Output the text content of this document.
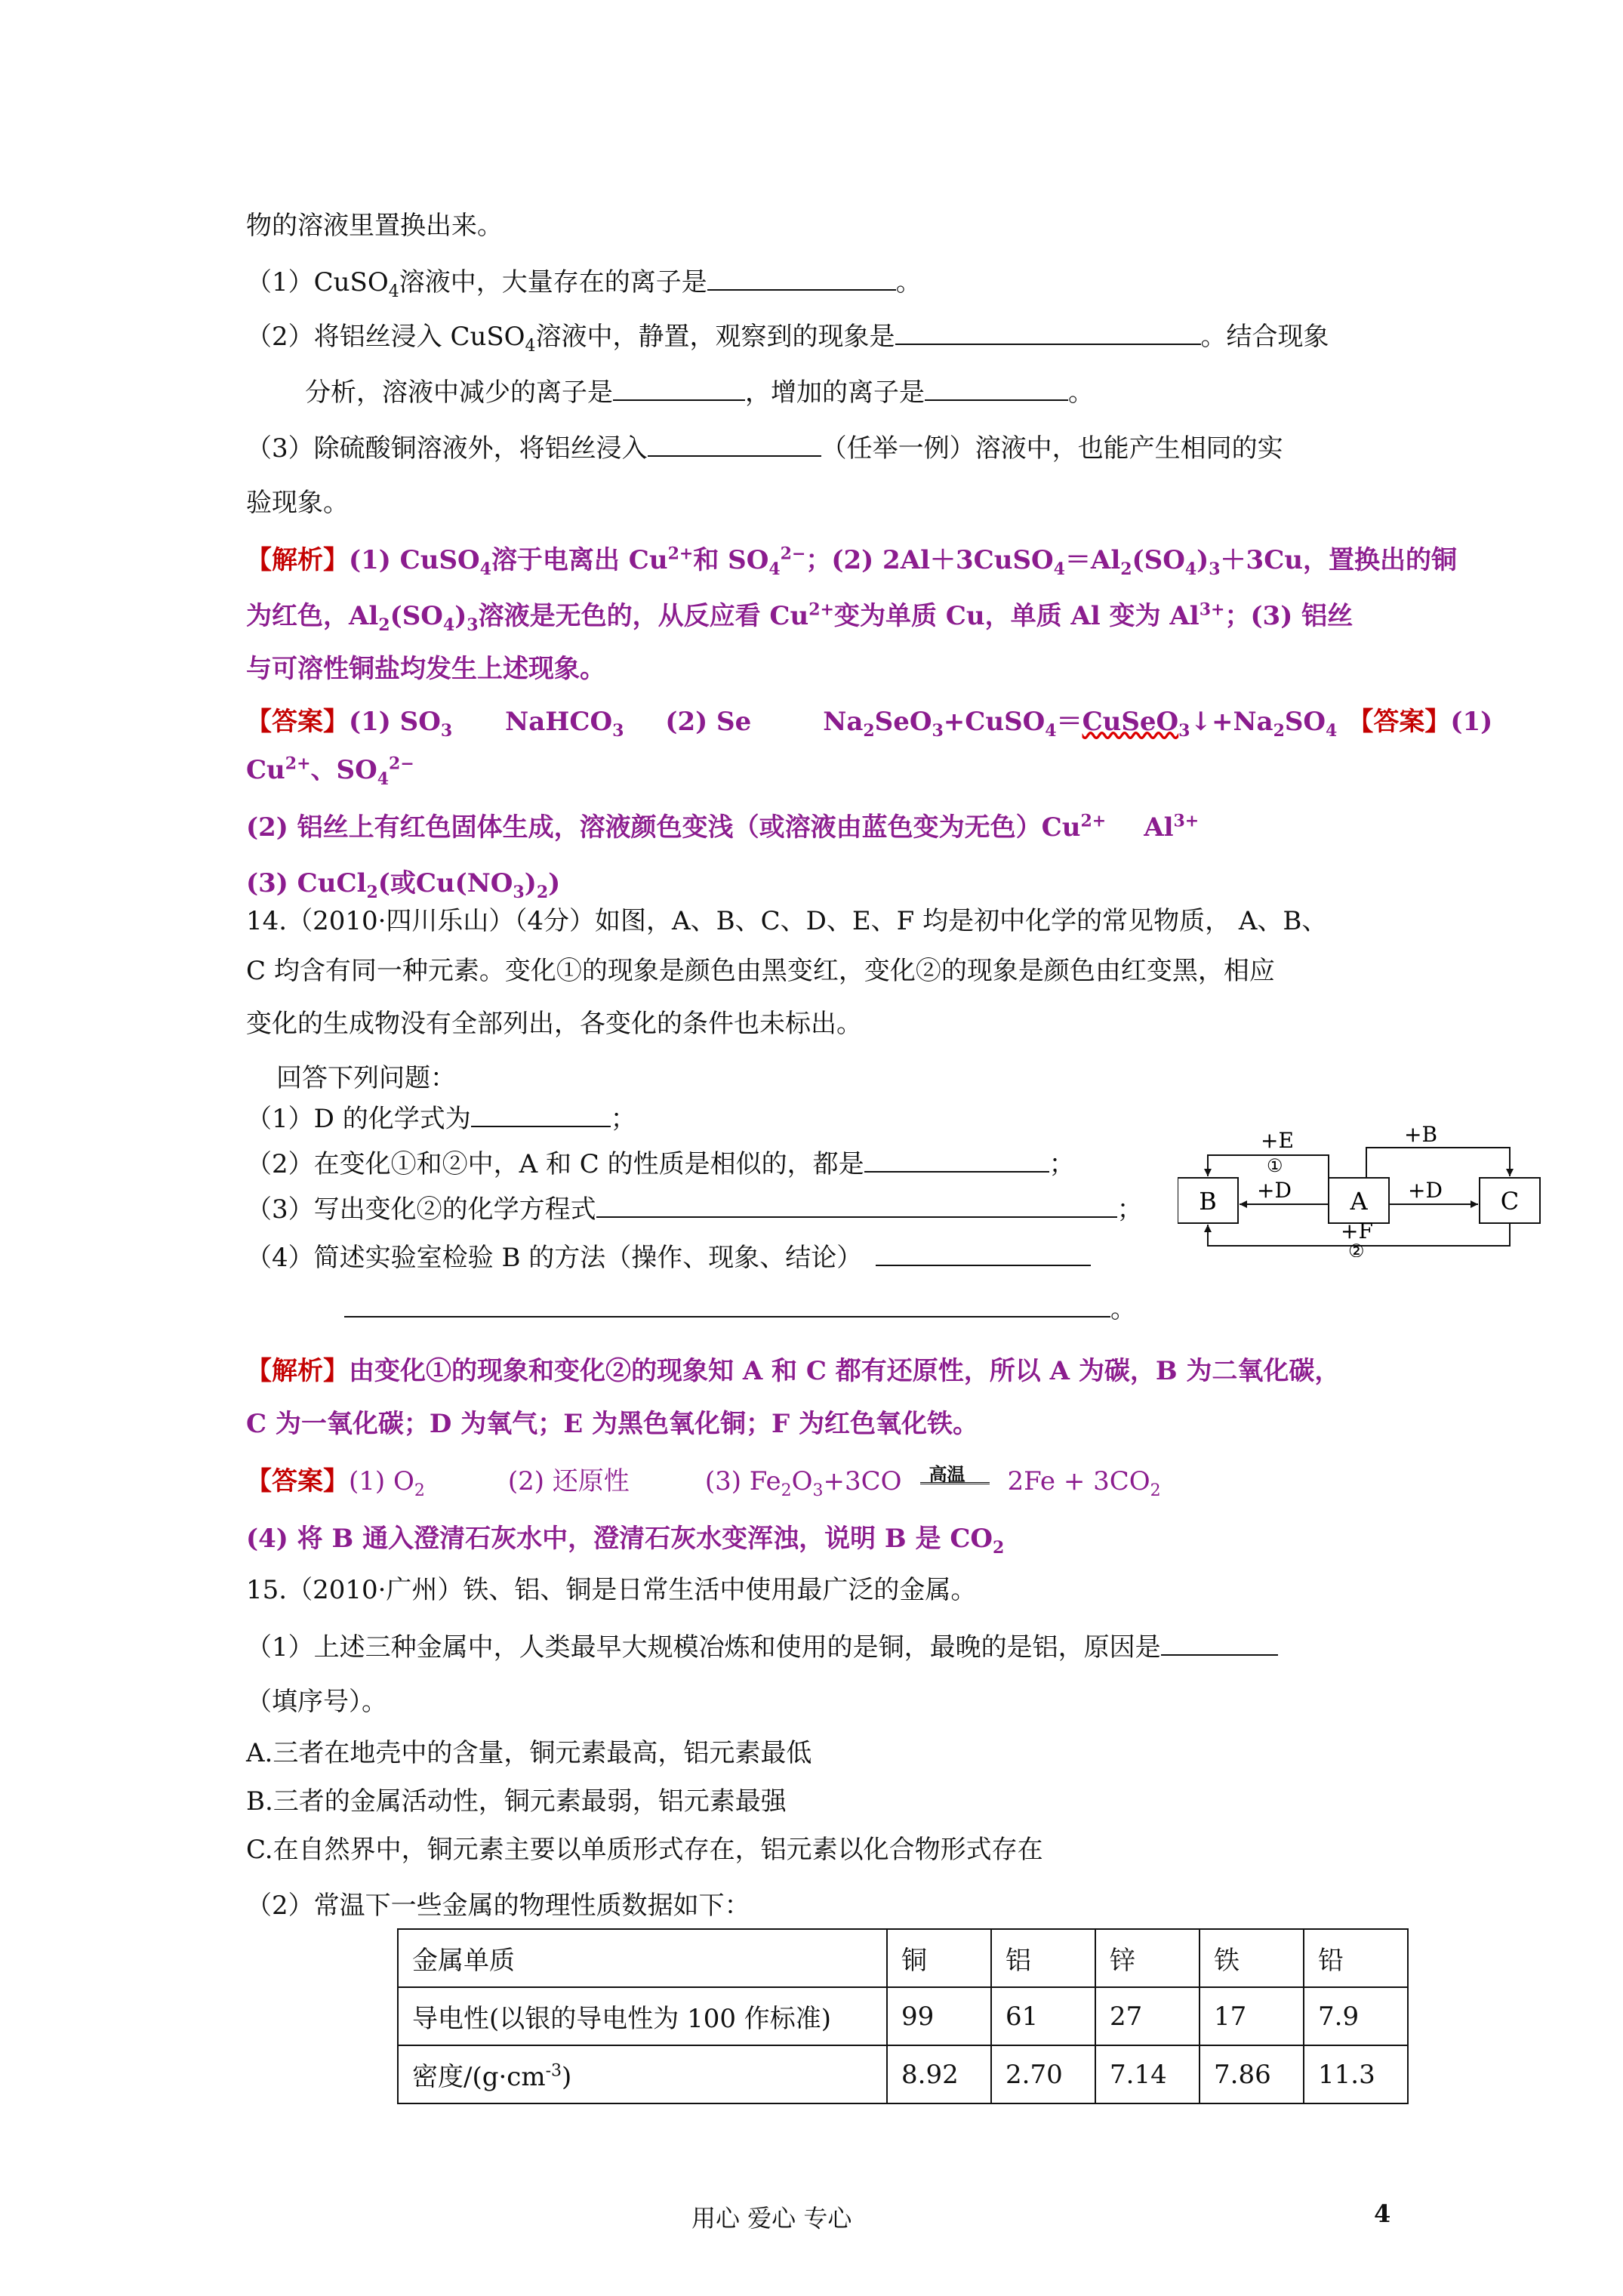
物的溶液里置换出来。
（1）CuSO$_4$溶液中，大量存在的离子是	。
（2）将铝丝浸入 CuSO$_4$溶液中，静置，观察到的现象是	。结合现象
分析，溶液中减少的离子是	，增加的离子是	。
（3）除硫酸铜溶液外，将铝丝浸入	（任举一例）溶液中，也能产生相同的实
验现象。
【解析】(1) CuSO$_4$溶于电离出 $Cu^{2+}$和 $SO_4^{2-}$；(2) $2Al+3CuSO_4=Al_2(SO_4)_3+3Cu$，置换出的铜
为红色，$Al_2(SO_4)_3$溶液是无色的，从反应看 $Cu^{2+}$变为单质 Cu，单质 Al 变为 $Al^{3+}$；(3) 铝丝
与可溶性铜盐均发生上述现象。
【答案】(1) $SO_3$ NaHCO$_3$ (2) Se	$Na_2SeO_3+CuSO_4=CuSeO_3↓+Na_2SO_4$ 【答案】(1)
$Cu^{2+}$、$SO_4^{2-}$
(2) 铝丝上有红色固体生成，溶液颜色变浅（或溶液由蓝色变为无色）$Cu^{2+}$ $Al^{3+}$
(3) CuCl$_2$(或$Cu(NO_3)_2$)
14.（2010·四川乐山）（4分）如图，A、B、C、D、E、F 均是初中化学的常见物质， A、B、
C 均含有同一种元素。变化①的现象是颜色由黑变红，变化②的现象是颜色由红变黑，相应
变化的生成物没有全部列出，各变化的条件也未标出。
回答下列问题：
（1）D 的化学式为	；
（2）在变化①和②中，A 和 C 的性质是相似的，都是	；
（3）写出变化②的化学方程式	；
（4）简述实验室检验 B 的方法（操作、现象、结论）
。
B	A	C
+E
①
+B
+D	+D
+F
②
【解析】由变化①的现象和变化②的现象知 A 和 C 都有还原性，所以 A 为碳，B 为二氧化碳，
C 为一氧化碳；D 为氧气；E 为黑色氧化铜；F 为红色氧化铁。
【答案】(1) $O_2$	(2) 还原性	(3) $Fe_2O_3+3CO$ 高温 $2Fe + 3CO_2$
(4) 将 B 通入澄清石灰水中，澄清石灰水变浑浊，说明 B 是 $CO_2$
15.（2010·广州）铁、铝、铜是日常生活中使用最广泛的金属。
（1）上述三种金属中，人类最早大规模冶炼和使用的是铜，最晚的是铝，原因是
（填序号）。
A.三者在地壳中的含量，铜元素最高，铝元素最低
B.三者的金属活动性，铜元素最弱，铝元素最强
C.在自然界中，铜元素主要以单质形式存在，铝元素以化合物形式存在
（2）常温下一些金属的物理性质数据如下：
金属单质	铜	铝	锌	铁	铅
导电性(以银的导电性为 100 作标准)	99	61	27	17	7.9
密度$/(g\cdot cm^{-3})$	8.92	2.70	7.14	7.86	11.3
用心 爱心 专心	4
